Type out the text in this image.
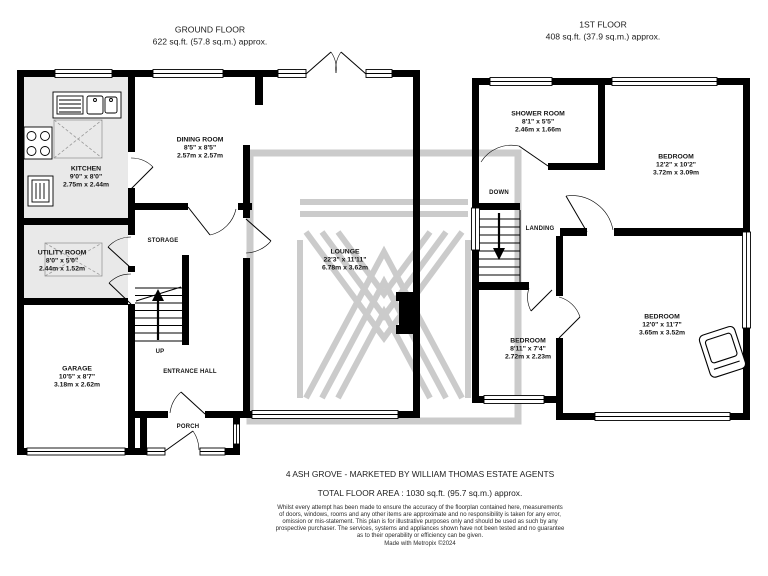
GROUND FLOOR
622 sq.ft. (57.8 sq.m.) approx.
1ST FLOOR
408 sq.ft. (37.9 sq.m.) approx.
KITCHEN
9'0" x 8'0"
2.75m x 2.44m
DINING ROOM
8'5" x 8'5"
2.57m x 2.57m
UTILITY ROOM
8'0" x 5'0"
2.44m x 1.52m
GARAGE
10'5" x 8'7"
3.18m x 2.62m
LOUNGE
22'3" x 11'11"
6.78m x 3.62m
STORAGE
UP
ENTRANCE HALL
PORCH
SHOWER ROOM
8'1" x 5'5"
2.46m x 1.66m
BEDROOM
12'2" x 10'2"
3.72m x 3.09m
BEDROOM
12'0" x 11'7"
3.65m x 3.52m
BEDROOM
8'11" x 7'4"
2.72m x 2.23m
DOWN
LANDING
4 ASH GROVE - MARKETED BY WILLIAM THOMAS ESTATE AGENTS
TOTAL FLOOR AREA : 1030 sq.ft. (95.7 sq.m.) approx.
Whilst every attempt has been made to ensure the accuracy of the floorplan contained here, measurements
of doors, windows, rooms and any other items are approximate and no responsibility is taken for any error,
omission or mis-statement. This plan is for illustrative purposes only and should be used as such by any
prospective purchaser. The services, systems and appliances shown have not been tested and no guarantee
as to their operability or efficiency can be given.
Made with Metropix ©2024
